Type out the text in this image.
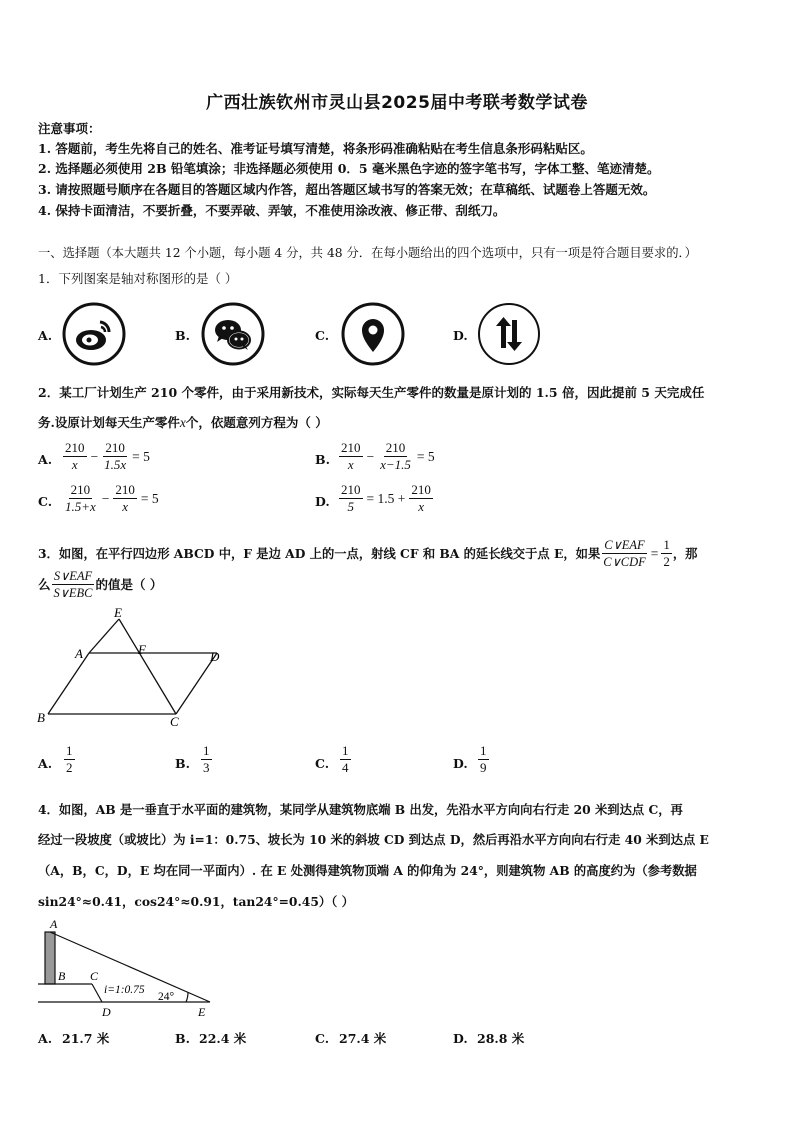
广西壮族钦州市灵山县2025届中考联考数学试卷
注意事项：
1. 答题前，考生先将自己的姓名、准考证号填写清楚，将条形码准确粘贴在考生信息条形码粘贴区。
2. 选择题必须使用 2B 铅笔填涂；非选择题必须使用 0．5 毫米黑色字迹的签字笔书写，字体工整、笔迹清楚。
3. 请按照题号顺序在各题目的答题区域内作答，超出答题区域书写的答案无效；在草稿纸、试题卷上答题无效。
4. 保持卡面清洁，不要折叠，不要弄破、弄皱，不准使用涂改液、修正带、刮纸刀。
一、选择题（本大题共 12 个小题，每小题 4 分，共 48 分．在每小题给出的四个选项中，只有一项是符合题目要求的．）
1．下列图案是轴对称图形的是（ ）
A.	B.	C.	D.
2．某工厂计划生产 210 个零件，由于采用新技术，实际每天生产零件的数量是原计划的 1.5 倍，因此提前 5 天完成任
务.设原计划每天生产零件x个，依题意列方程为（ ）
A. $\frac{210}{x} - \frac{210}{1.5x} = 5$	B. $\frac{210}{x} - \frac{210}{x-1.5} = 5$
C. $\frac{210}{1.5+x} - \frac{210}{x} = 5$	D. $\frac{210}{5} = 1.5 + \frac{210}{x}$
3．如图，在平行四边形 ABCD 中，F 是边 AD 上的一点，射线 CF 和 BA 的延长线交于点 E，如果 $\frac{\text{C∨EAF}}{\text{C∨CDF}} = \frac{1}{2}$ ，那
么 $\frac{\text{S∨EAF}}{\text{S∨EBC}}$ 的值是（ ）
E
A	F	D
B	C
A. $\frac{1}{2}$	B. $\frac{1}{3}$	C. $\frac{1}{4}$	D. $\frac{1}{9}$
4．如图，AB 是一垂直于水平面的建筑物，某同学从建筑物底端 B 出发，先沿水平方向向右行走 20 米到达点 C，再
经过一段坡度（或坡比）为 i=1：0.75、坡长为 10 米的斜坡 CD 到达点 D，然后再沿水平方向向右行走 40 米到达点 E
（A，B，C，D，E 均在同一平面内）. 在 E 处测得建筑物顶端 A 的仰角为 24°，则建筑物 AB 的高度约为（参考数据
sin24°≈0.41，cos24°≈0.91，tan24°=0.45）（ ）
A
B C
D	E
i=1:0.75
24°
A. 21.7 米	B. 22.4 米	C. 27.4 米	D. 28.8 米
